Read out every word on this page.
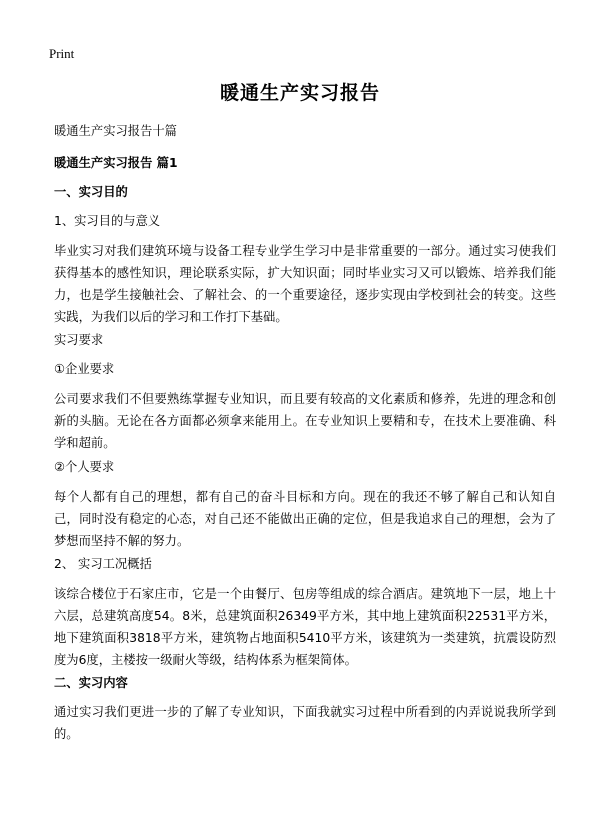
Print
暖通生产实习报告
暖通生产实习报告十篇
暖通生产实习报告 篇1
一、实习目的
1、实习目的与意义
毕业实习对我们建筑环境与设备工程专业学生学习中是非常重要的一部分。通过实习使我们获得基本的感性知识，理论联系实际，扩大知识面；同时毕业实习又可以锻炼、培养我们能力，也是学生接触社会、了解社会、的一个重要途径，逐步实现由学校到社会的转变。这些实践，为我们以后的学习和工作打下基础。
实习要求
①企业要求
公司要求我们不但要熟练掌握专业知识，而且要有较高的文化素质和修养，先进的理念和创新的头脑。无论在各方面都必须拿来能用上。在专业知识上要精和专，在技术上要准确、科学和超前。
②个人要求
每个人都有自己的理想，都有自己的奋斗目标和方向。现在的我还不够了解自己和认知自己，同时没有稳定的心态，对自己还不能做出正确的定位，但是我追求自己的理想，会为了梦想而坚持不解的努力。
2、 实习工况概括
该综合楼位于石家庄市，它是一个由餐厅、包房等组成的综合酒店。建筑地下一层，地上十六层，总建筑高度54。8米，总建筑面积26349平方米，其中地上建筑面积22531平方米，地下建筑面积3818平方米，建筑物占地面积5410平方米，该建筑为一类建筑，抗震设防烈度为6度，主楼按一级耐火等级，结构体系为框架简体。
二、实习内容
通过实习我们更进一步的了解了专业知识，下面我就实习过程中所看到的内弄说说我所学到的。
